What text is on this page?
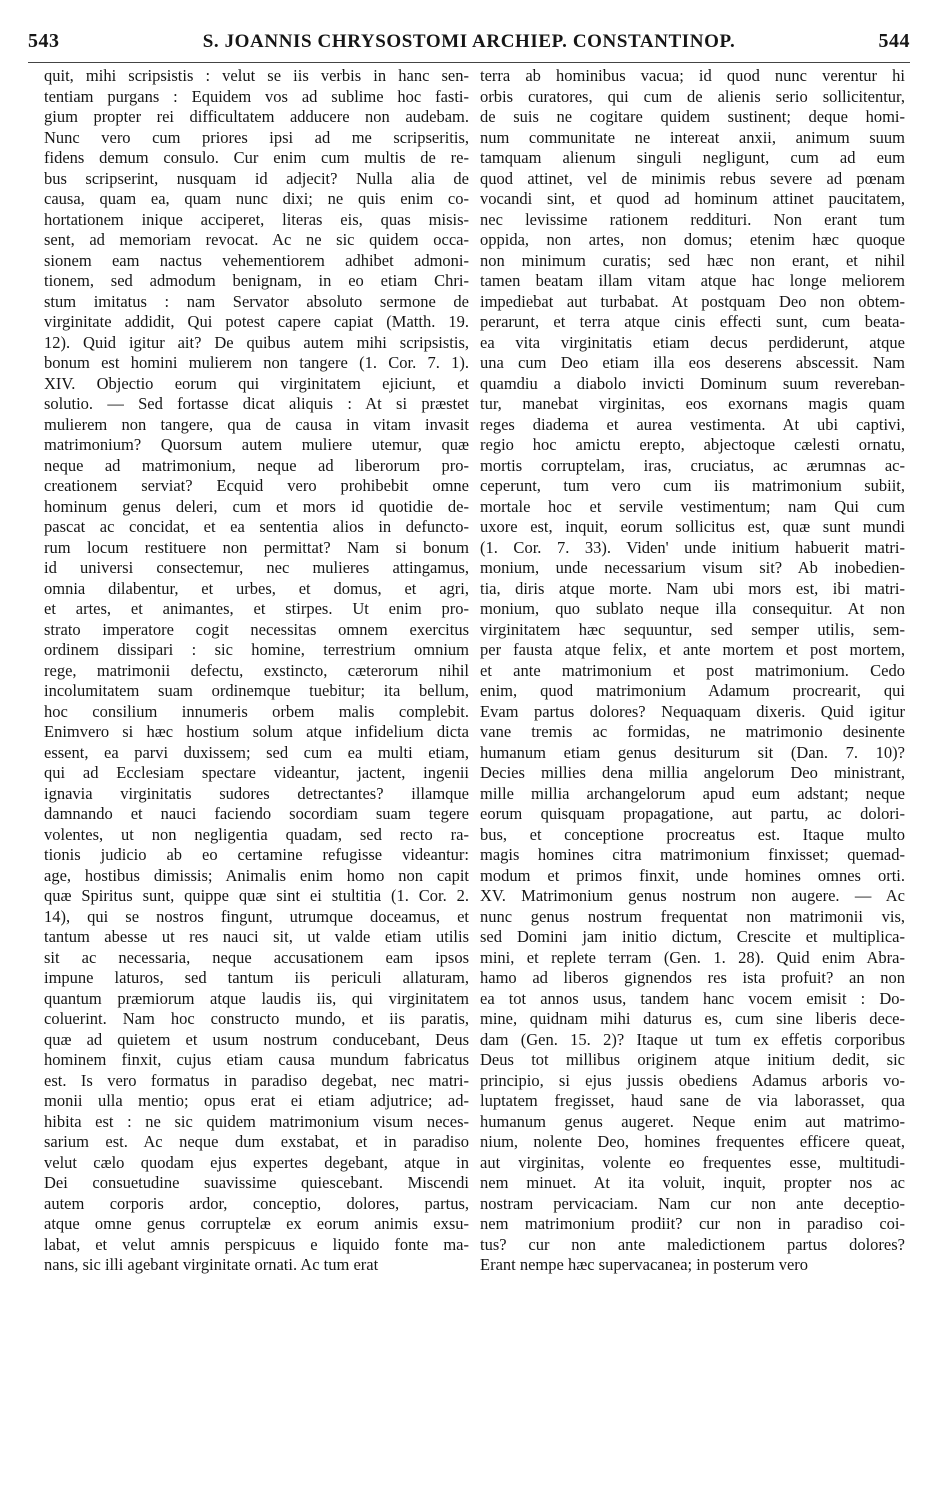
543	S. JOANNIS CHRYSOSTOMI ARCHIEP. CONSTANTINOP.	544
quit, mihi scripsistis : velut se iis verbis in hanc sen-
tentiam purgans : Equidem vos ad sublime hoc fasti-
gium propter rei difficultatem adducere non audebam.
Nunc vero cum priores ipsi ad me scripseritis,
fidens demum consulo. Cur enim cum multis de re-
bus scripserint, nusquam id adjecit? Nulla alia de
causa, quam ea, quam nunc dixi; ne quis enim co-
hortationem inique acciperet, literas eis, quas misis-
sent, ad memoriam revocat. Ac ne sic quidem occa-
sionem eam nactus vehementiorem adhibet admoni-
tionem, sed admodum benignam, in eo etiam Chri-
stum imitatus : nam Servator absoluto sermone de
virginitate addidit, Qui potest capere capiat (Matth. 19.
12). Quid igitur ait? De quibus autem mihi scripsistis,
bonum est homini mulierem non tangere (1. Cor. 7. 1).
XIV. Objectio eorum qui virginitatem ejiciunt, et
solutio. — Sed fortasse dicat aliquis : At si præstet
mulierem non tangere, qua de causa in vitam invasit
matrimonium? Quorsum autem muliere utemur, quæ
neque ad matrimonium, neque ad liberorum pro-
creationem serviat? Ecquid vero prohibebit omne
hominum genus deleri, cum et mors id quotidie de-
pascat ac concidat, et ea sententia alios in defuncto-
rum locum restituere non permittat? Nam si bonum
id universi consectemur, nec mulieres attingamus,
omnia dilabentur, et urbes, et domus, et agri,
et artes, et animantes, et stirpes. Ut enim pro-
strato imperatore cogit necessitas omnem exercitus
ordinem dissipari : sic homine, terrestrium omnium
rege, matrimonii defectu, exstincto, cæterorum nihil
incolumitatem suam ordinemque tuebitur; ita bellum,
hoc consilium innumeris orbem malis complebit.
Enimvero si hæc hostium solum atque infidelium dicta
essent, ea parvi duxissem; sed cum ea multi etiam,
qui ad Ecclesiam spectare videantur, jactent, ingenii
ignavia virginitatis sudores detrectantes? illamque
damnando et nauci faciendo socordiam suam tegere
volentes, ut non negligentia quadam, sed recto ra-
tionis judicio ab eo certamine refugisse videantur:
age, hostibus dimissis; Animalis enim homo non capit
quæ Spiritus sunt, quippe quæ sint ei stultitia (1. Cor. 2.
14), qui se nostros fingunt, utrumque doceamus, et
tantum abesse ut res nauci sit, ut valde etiam utilis
sit ac necessaria, neque accusationem eam ipsos
impune laturos, sed tantum iis periculi allaturam,
quantum præmiorum atque laudis iis, qui virginitatem
coluerint. Nam hoc constructo mundo, et iis paratis,
quæ ad quietem et usum nostrum conducebant, Deus
hominem finxit, cujus etiam causa mundum fabricatus
est. Is vero formatus in paradiso degebat, nec matri-
monii ulla mentio; opus erat ei etiam adjutrice; ad-
hibita est : ne sic quidem matrimonium visum neces-
sarium est. Ac neque dum exstabat, et in paradiso
velut cælo quodam ejus expertes degebant, atque in
Dei consuetudine suavissime quiescebant. Miscendi
autem corporis ardor, conceptio, dolores, partus,
atque omne genus corruptelæ ex eorum animis exsu-
labat, et velut amnis perspicuus e liquido fonte ma-
nans, sic illi agebant virginitate ornati. Ac tum erat
terra ab hominibus vacua; id quod nunc verentur hi
orbis curatores, qui cum de alienis serio sollicitentur,
de suis ne cogitare quidem sustinent; deque homi-
num communitate ne intereat anxii, animum suum
tamquam alienum singuli negligunt, cum ad eum
quod attinet, vel de minimis rebus severe ad pœnam
vocandi sint, et quod ad hominum attinet paucitatem,
nec levissime rationem reddituri. Non erant tum
oppida, non artes, non domus; etenim hæc quoque
non minimum curatis; sed hæc non erant, et nihil
tamen beatam illam vitam atque hac longe meliorem
impediebat aut turbabat. At postquam Deo non obtem-
perarunt, et terra atque cinis effecti sunt, cum beata-
ea vita virginitatis etiam decus perdiderunt, atque
una cum Deo etiam illa eos deserens abscessit. Nam
quamdiu a diabolo invicti Dominum suum revereban-
tur, manebat virginitas, eos exornans magis quam
reges diadema et aurea vestimenta. At ubi captivi,
regio hoc amictu erepto, abjectoque cælesti ornatu,
mortis corruptelam, iras, cruciatus, ac ærumnas ac-
ceperunt, tum vero cum iis matrimonium subiit,
mortale hoc et servile vestimentum; nam Qui cum
uxore est, inquit, eorum sollicitus est, quæ sunt mundi
(1. Cor. 7. 33). Viden' unde initium habuerit matri-
monium, unde necessarium visum sit? Ab inobedien-
tia, diris atque morte. Nam ubi mors est, ibi matri-
monium, quo sublato neque illa consequitur. At non
virginitatem hæc sequuntur, sed semper utilis, sem-
per fausta atque felix, et ante mortem et post mortem,
et ante matrimonium et post matrimonium. Cedo
enim, quod matrimonium Adamum procrearit, qui
Evam partus dolores? Nequaquam dixeris. Quid igitur
vane tremis ac formidas, ne matrimonio desinente
humanum etiam genus desiturum sit (Dan. 7. 10)?
Decies millies dena millia angelorum Deo ministrant,
mille millia archangelorum apud eum adstant; neque
eorum quisquam propagatione, aut partu, ac dolori-
bus, et conceptione procreatus est. Itaque multo
magis homines citra matrimonium finxisset; quemad-
modum et primos finxit, unde homines omnes orti.
XV. Matrimonium genus nostrum non augere. — Ac
nunc genus nostrum frequentat non matrimonii vis,
sed Domini jam initio dictum, Crescite et multiplica-
mini, et replete terram (Gen. 1. 28). Quid enim Abra-
hamo ad liberos gignendos res ista profuit? an non
ea tot annos usus, tandem hanc vocem emisit : Do-
mine, quidnam mihi daturus es, cum sine liberis dece-
dam (Gen. 15. 2)? Itaque ut tum ex effetis corporibus
Deus tot millibus originem atque initium dedit, sic
principio, si ejus jussis obediens Adamus arboris vo-
luptatem fregisset, haud sane de via laborasset, qua
humanum genus augeret. Neque enim aut matrimo-
nium, nolente Deo, homines frequentes efficere queat,
aut virginitas, volente eo frequentes esse, multitudi-
nem minuet. At ita voluit, inquit, propter nos ac
nostram pervicaciam. Nam cur non ante deceptio-
nem matrimonium prodiit? cur non in paradiso coi-
tus? cur non ante maledictionem partus dolores?
Erant nempe hæc supervacanea; in posterum vero
